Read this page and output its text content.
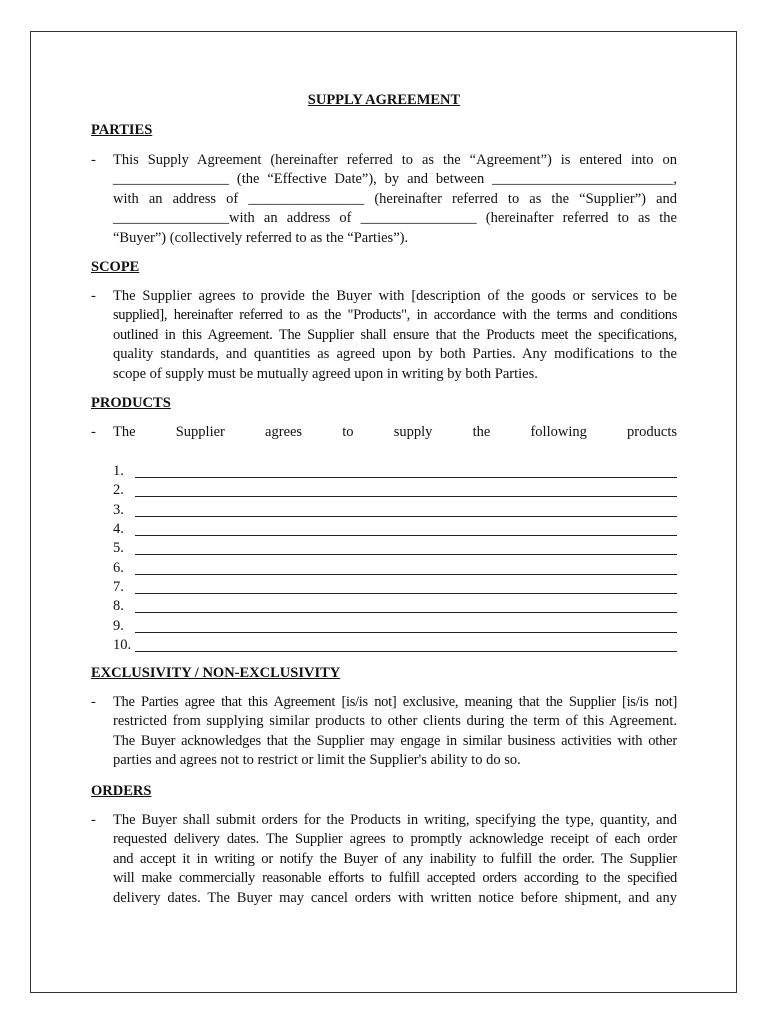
SUPPLY AGREEMENT
PARTIES
- This Supply Agreement (hereinafter referred to as the “Agreement”) is entered into on
________________ (the “Effective Date”), by and between _________________________,
with an address of ________________ (hereinafter referred to as the “Supplier”) and
________________with an address of ________________ (hereinafter referred to as the
“Buyer”) (collectively referred to as the “Parties”).
SCOPE
- The Supplier agrees to provide the Buyer with [description of the goods or services to be
supplied], hereinafter referred to as the "Products", in accordance with the terms and conditions
outlined in this Agreement. The Supplier shall ensure that the Products meet the specifications,
quality standards, and quantities as agreed upon by both Parties. Any modifications to the
scope of supply must be mutually agreed upon in writing by both Parties.
PRODUCTS
- The Supplier agrees to supply the following products
1.
2.
3.
4.
5.
6.
7.
8.
9.
10.
EXCLUSIVITY / NON-EXCLUSIVITY
- The Parties agree that this Agreement [is/is not] exclusive, meaning that the Supplier [is/is not]
restricted from supplying similar products to other clients during the term of this Agreement.
The Buyer acknowledges that the Supplier may engage in similar business activities with other
parties and agrees not to restrict or limit the Supplier's ability to do so.
ORDERS
- The Buyer shall submit orders for the Products in writing, specifying the type, quantity, and
requested delivery dates. The Supplier agrees to promptly acknowledge receipt of each order
and accept it in writing or notify the Buyer of any inability to fulfill the order. The Supplier
will make commercially reasonable efforts to fulfill accepted orders according to the specified
delivery dates. The Buyer may cancel orders with written notice before shipment, and any
